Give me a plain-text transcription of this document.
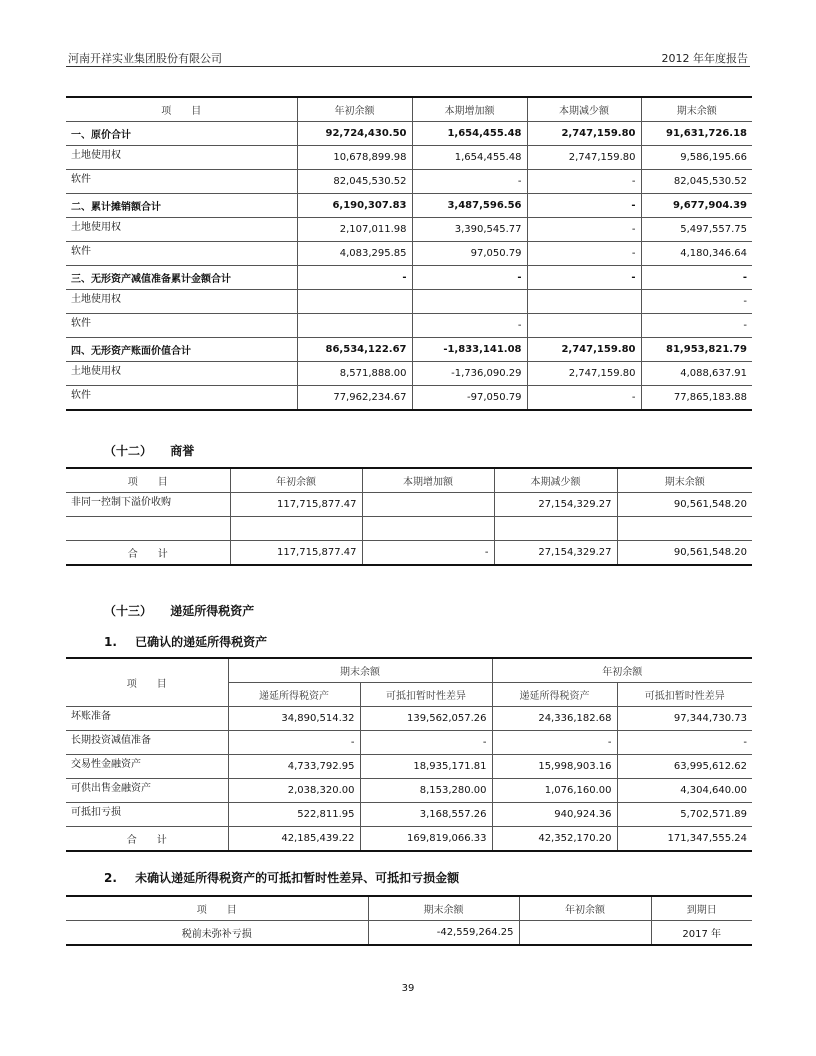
河南开祥实业集团股份有限公司	2012 年年度报告
项　　目	年初余额	本期增加额	本期减少额	期末余额
一、原价合计	92,724,430.50	1,654,455.48	2,747,159.80	91,631,726.18
土地使用权	10,678,899.98	1,654,455.48	2,747,159.80	9,586,195.66
软件	82,045,530.52	-	-	82,045,530.52
二、累计摊销额合计	6,190,307.83	3,487,596.56	-	9,677,904.39
土地使用权	2,107,011.98	3,390,545.77	-	5,497,557.75
软件	4,083,295.85	97,050.79	-	4,180,346.64
三、无形资产减值准备累计金额合计	-	-	-	-
土地使用权				-
软件		-		-
四、无形资产账面价值合计	86,534,122.67	-1,833,141.08	2,747,159.80	81,953,821.79
土地使用权	8,571,888.00	-1,736,090.29	2,747,159.80	4,088,637.91
软件	77,962,234.67	-97,050.79	-	77,865,183.88
（十二） 商誉
项　　目	年初余额	本期增加额	本期减少额	期末余额
非同一控制下溢价收购	117,715,877.47		27,154,329.27	90,561,548.20

合　　计	117,715,877.47	-	27,154,329.27	90,561,548.20
（十三） 递延所得税资产
1. 已确认的递延所得税资产
项　　目	期末余额		年初余额	
	递延所得税资产	可抵扣暂时性差异	递延所得税资产	可抵扣暂时性差异
坏账准备	34,890,514.32	139,562,057.26	24,336,182.68	97,344,730.73
长期投资减值准备	-	-	-	-
交易性金融资产	4,733,792.95	18,935,171.81	15,998,903.16	63,995,612.62
可供出售金融资产	2,038,320.00	8,153,280.00	1,076,160.00	4,304,640.00
可抵扣亏损	522,811.95	3,168,557.26	940,924.36	5,702,571.89
合　　计	42,185,439.22	169,819,066.33	42,352,170.20	171,347,555.24
2. 未确认递延所得税资产的可抵扣暂时性差异、可抵扣亏损金额
项　　目	期末余额	年初余额	到期日
税前未弥补亏损	-42,559,264.25		2017 年
39
